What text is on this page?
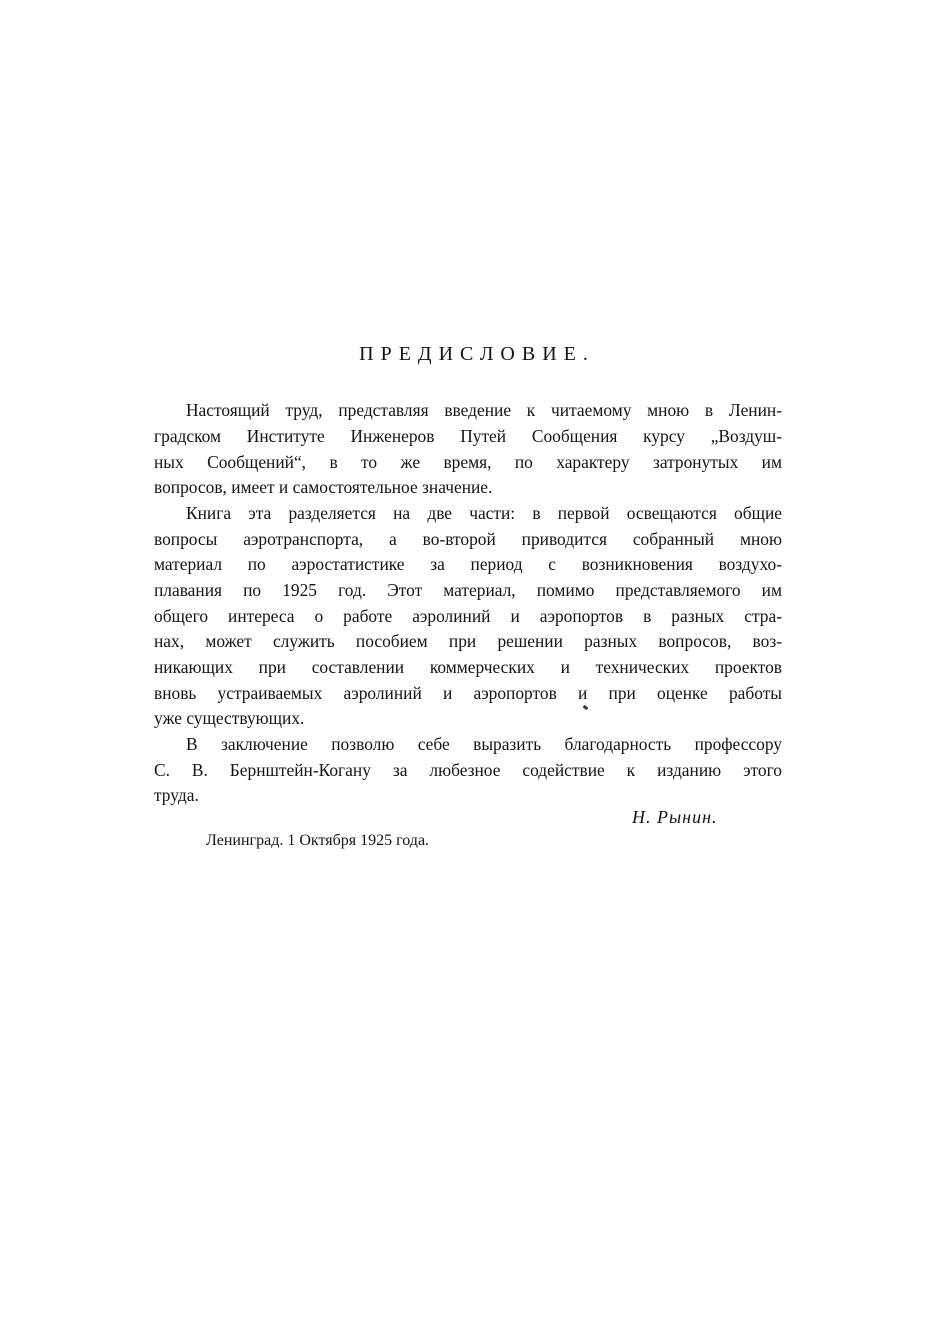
ПРЕДИСЛОВИЕ.
Настоящий труд, представляя введение к читаемому мною в Ленин-
градском Институте Инженеров Путей Сообщения курсу „Воздуш-
ных Сообщений“, в то же время, по характеру затронутых им
вопросов, имеет и самостоятельное значение.
Книга эта разделяется на две части: в первой освещаются общие
вопросы аэротранспорта, а во-второй приводится собранный мною
материал по аэростатистике за период с возникновения воздухо-
плавания по 1925 год. Этот материал, помимо представляемого им
общего интереса о работе аэролиний и аэропортов в разных стра-
нах, может служить пособием при решении разных вопросов, воз-
никающих при составлении коммерческих и технических проектов
вновь устраиваемых аэролиний и аэропортов и при оценке работы
уже существующих.
В заключение позволю себе выразить благодарность профессору
С. В. Бернштейн-Когану за любезное содействие к изданию этого
труда.
Н. Рынин.
Ленинград. 1 Октября 1925 года.
